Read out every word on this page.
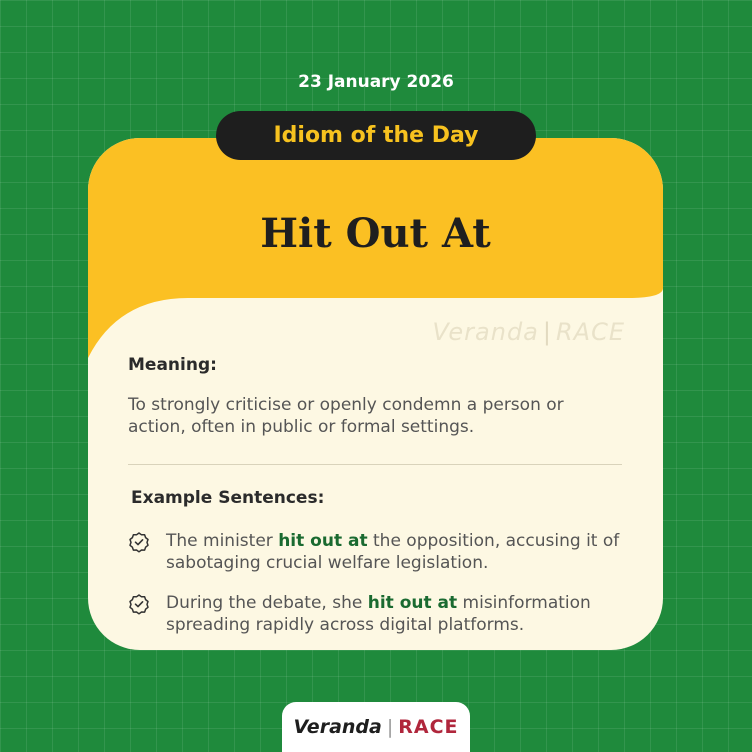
23 January 2026
Idiom of the Day
Hit Out At
Veranda | RACE
Meaning:
To strongly criticise or openly condemn a person or action, often in public or formal settings.
Example Sentences:
The minister hit out at the opposition, accusing it of sabotaging crucial welfare legislation.
During the debate, she hit out at misinformation spreading rapidly across digital platforms.
Veranda | RACE
